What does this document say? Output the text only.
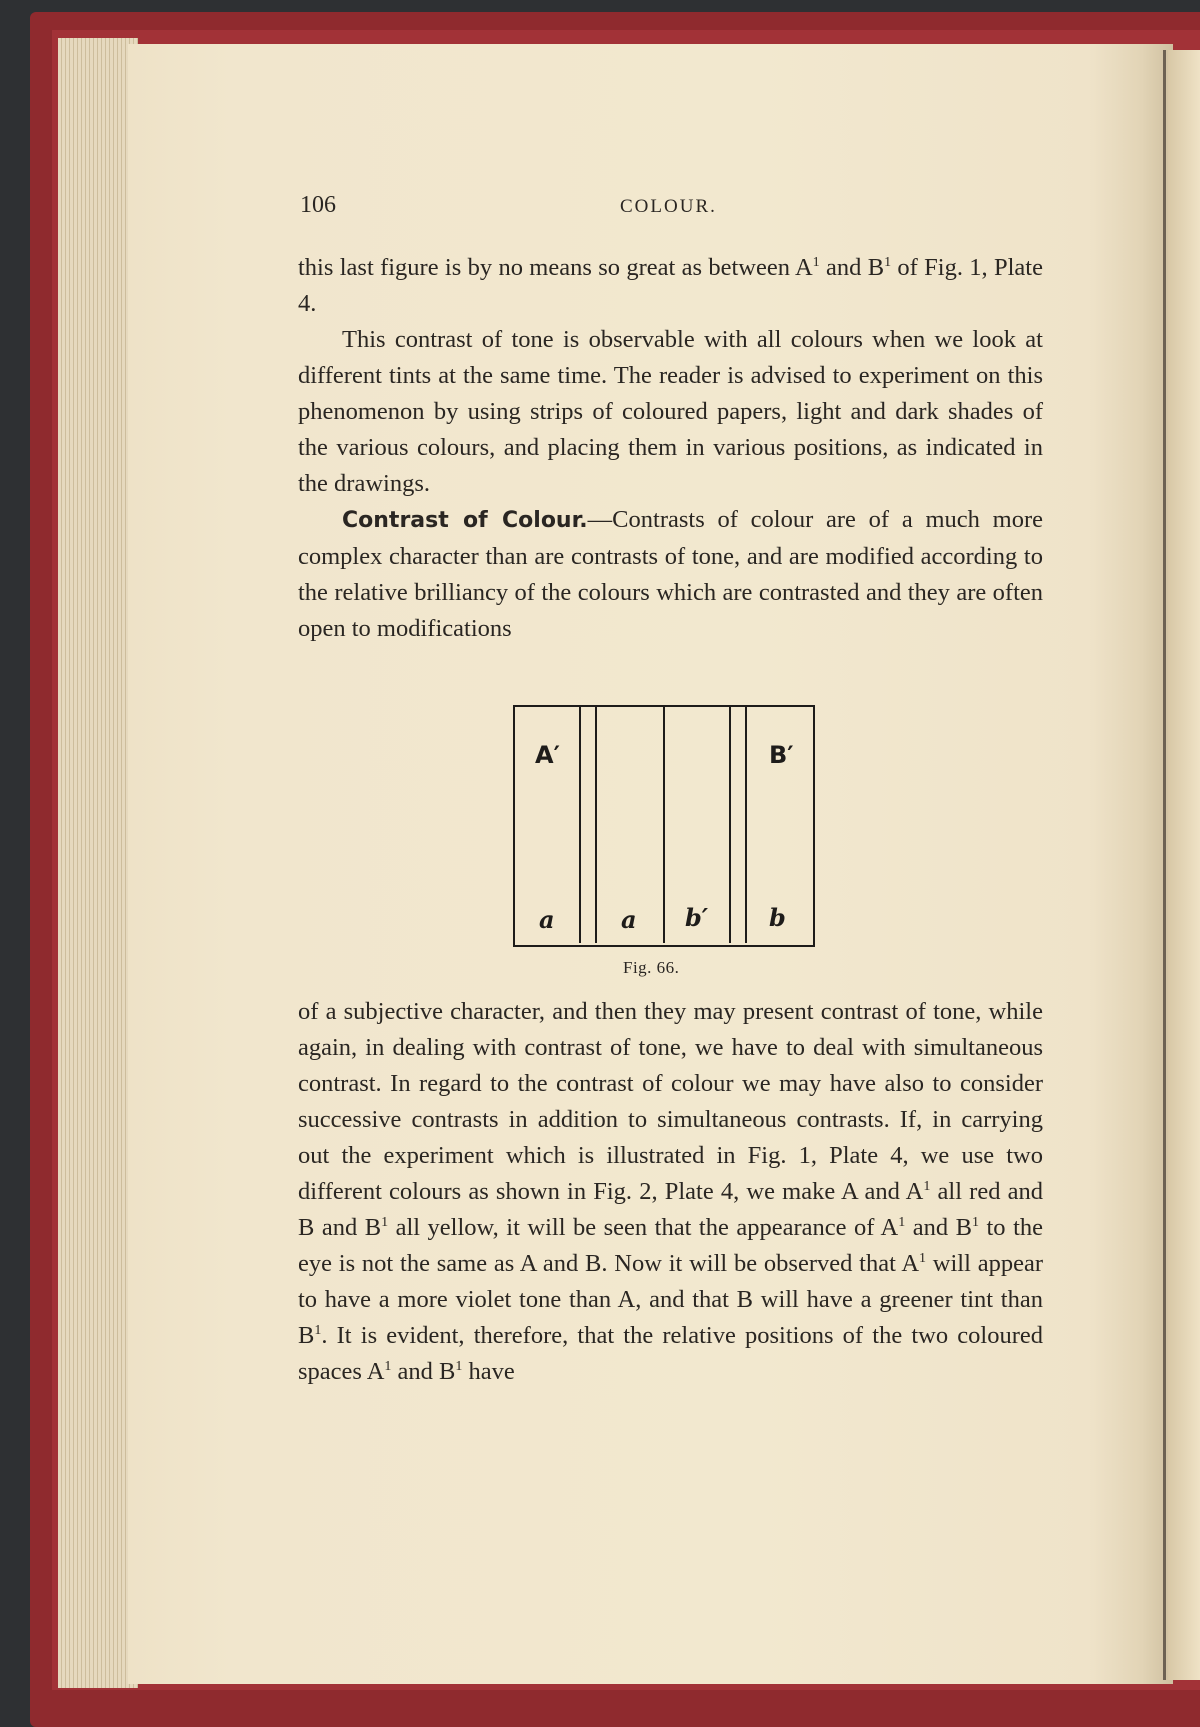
106	COLOUR.

this last figure is by no means so great as between $A^1$ and $B^1$ of Fig. 1, Plate 4.

This contrast of tone is observable with all colours when we look at different tints at the same time. The reader is advised to experiment on this phenomenon by using strips of coloured papers, light and dark shades of the various colours, and placing them in various positions, as indicated in the drawings.

Contrast of Colour.—Contrasts of colour are of a much more complex character than are contrasts of tone, and are modified according to the relative brilliancy of the colours which are contrasted and they are often open to modifications

A′	B′
a	a b′	b
Fig. 66.

of a subjective character, and then they may present contrast of tone, while again, in dealing with contrast of tone, we have to deal with simultaneous contrast. In regard to the contrast of colour we may have also to consider successive contrasts in addition to simultaneous contrasts. If, in carrying out the experiment which is illustrated in Fig. 1, Plate 4, we use two different colours as shown in Fig. 2, Plate 4, we make A and $A^1$ all red and B and $B^1$ all yellow, it will be seen that the appearance of $A^1$ and $B^1$ to the eye is not the same as A and B. Now it will be observed that $A^1$ will appear to have a more violet tone than A, and that B will have a greener tint than $B^1$. It is evident, therefore, that the relative positions of the two coloured spaces $A^1$ and $B^1$ have
